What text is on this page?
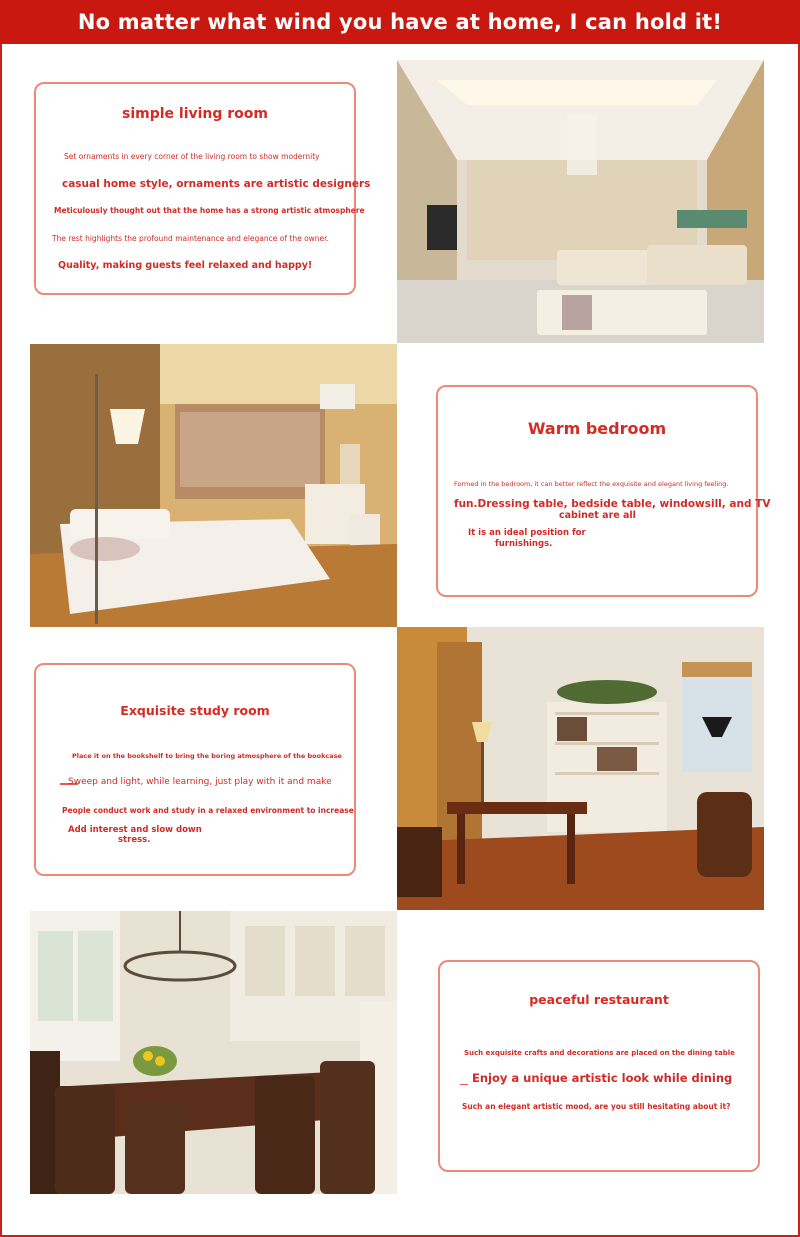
No matter what wind you have at home, I can hold it!
simple living room
Set ornaments in every corner of the living room to show modernity
casual home style, ornaments are artistic designers
Meticulously thought out that the home has a strong artistic atmosphere
The rest highlights the profound maintenance and elegance of the owner.
Quality, making guests feel relaxed and happy!
Warm bedroom
Formed in the bedroom, it can better reflect the exquisite and elegant living feeling.
fun.Dressing table, bedside table, windowsill, and TV
cabinet are all
It is an ideal position for
furnishings.
Exquisite study room
Place it on the bookshelf to bring the boring atmosphere of the bookcase
Sweep and light, while learning, just play with it and make
People conduct work and study in a relaxed environment to increase
Add interest and slow down
stress.
peaceful restaurant
Such exquisite crafts and decorations are placed on the dining table
Enjoy a unique artistic look while dining
Such an elegant artistic mood, are you still hesitating about it?
